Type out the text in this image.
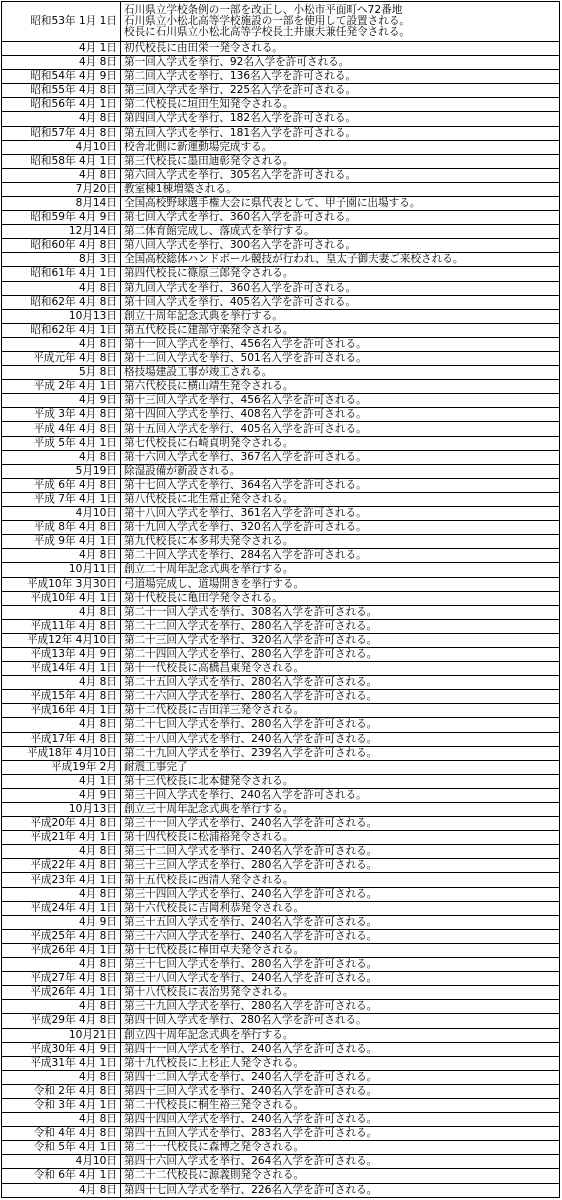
昭和53年 1月 1日	石川県立学校条例の一部を改正し、小松市平面町へ72番地
石川県立小松北高等学校施設の一部を使用して設置される。
校長に石川県立小松北高等学校長土井康夫兼任発令される。
4月 1日	初代校長に由田栄一発令される。
4月 8日	第一回入学式を挙行、92名入学を許可される。
昭和54年 4月 9日	第二回入学式を挙行、136名入学を許可される。
昭和55年 4月 8日	第三回入学式を挙行、225名入学を許可される。
昭和56年 4月 1日	第二代校長に垣田生知発令される。
4月 8日	第四回入学式を挙行、182名入学を許可される。
昭和57年 4月 8日	第五回入学式を挙行、181名入学を許可される。
4月10日	校舎北側に新運動場完成する。
昭和58年 4月 1日	第三代校長に墨田迪彰発令される。
4月 8日	第六回入学式を挙行、305名入学を許可される。
7月20日	教室棟1棟増築される。
8月14日	全国高校野球選手権大会に県代表として、甲子園に出場する。
昭和59年 4月 9日	第七回入学式を挙行、360名入学を許可される。
12月14日	第二体育館完成し、落成式を挙行する。
昭和60年 4月 8日	第八回入学式を挙行、300名入学を許可される。
8月 3日	全国高校総体ハンドボール競技が行われ、皇太子御夫妻ご来校される。
昭和61年 4月 1日	第四代校長に篠原三郎発令される。
4月 8日	第九回入学式を挙行、360名入学を許可される。
昭和62年 4月 8日	第十回入学式を挙行、405名入学を許可される。
10月13日	創立十周年記念式典を挙行する。
昭和62年 4月 1日	第五代校長に建部守楽発令される。
4月 8日	第十一回入学式を挙行、456名入学を許可される。
平成元年 4月 8日	第十二回入学式を挙行、501名入学を許可される。
5月 8日	格技場建設工事が竣工される。
平成 2年 4月 1日	第六代校長に横山靖生発令される。
4月 9日	第十三回入学式を挙行、456名入学を許可される。
平成 3年 4月 8日	第十四回入学式を挙行、408名入学を許可される。
平成 4年 4月 8日	第十五回入学式を挙行、405名入学を許可される。
平成 5年 4月 1日	第七代校長に石崎貞明発令される。
4月 8日	第十六回入学式を挙行、367名入学を許可される。
5月19日	除湿設備が新設される。
平成 6年 4月 8日	第十七回入学式を挙行、364名入学を許可される。
平成 7年 4月 1日	第八代校長に北生常正発令される。
4月10日	第十八回入学式を挙行、361名入学を許可される。
平成 8年 4月 8日	第十九回入学式を挙行、320名入学を許可される。
平成 9年 4月 1日	第九代校長に本多邦夫発令される。
4月 8日	第二十回入学式を挙行、284名入学を許可される。
10月11日	創立二十周年記念式典を挙行する。
平成10年 3月30日	弓道場完成し、道場開きを挙行する。
平成10年 4月 1日	第十代校長に亀田学発令される。
4月 8日	第二十一回入学式を挙行、308名入学を許可される。
平成11年 4月 8日	第二十二回入学式を挙行、280名入学を許可される。
平成12年 4月10日	第二十三回入学式を挙行、320名入学を許可される。
平成13年 4月 9日	第二十四回入学式を挙行、280名入学を許可される。
平成14年 4月 1日	第十一代校長に高橋昌東発令される。
4月 8日	第二十五回入学式を挙行、280名入学を許可される。
平成15年 4月 8日	第二十六回入学式を挙行、280名入学を許可される。
平成16年 4月 1日	第十二代校長に吉田洋三発令される。
4月 8日	第二十七回入学式を挙行、280名入学を許可される。
平成17年 4月 8日	第二十八回入学式を挙行、240名入学を許可される。
平成18年 4月10日	第二十九回入学式を挙行、239名入学を許可される。
平成19年 2月	耐震工事完了
4月 1日	第十三代校長に北本健発令される。
4月 9日	第三十回入学式を挙行、240名入学を許可される。
10月13日	創立三十周年記念式典を挙行する。
平成20年 4月 8日	第三十一回入学式を挙行、240名入学を許可される。
平成21年 4月 1日	第十四代校長に松浦裕発令される。
4月 8日	第三十二回入学式を挙行、240名入学を許可される。
平成22年 4月 8日	第三十三回入学式を挙行、280名入学を許可される。
平成23年 4月 1日	第十五代校長に西清人発令される。
4月 8日	第三十四回入学式を挙行、240名入学を許可される。
平成24年 4月 1日	第十六代校長に吉岡利恭発令される。
4月 9日	第三十五回入学式を挙行、240名入学を許可される。
平成25年 4月 8日	第三十六回入学式を挙行、240名入学を許可される。
平成26年 4月 1日	第十七代校長に棒田卓夫発令される。
4月 8日	第三十七回入学式を挙行、280名入学を許可される。
平成27年 4月 8日	第三十八回入学式を挙行、240名入学を許可される。
平成26年 4月 1日	第十八代校長に表治男発令される。
4月 8日	第三十九回入学式を挙行、280名入学を許可される。
平成29年 4月 8日	第四十回入学式を挙行、280名入学を許可される。
10月21日	創立四十周年記念式典を挙行する。
平成30年 4月 9日	第四十一回入学式を挙行、240名入学を許可される。
平成31年 4月 1日	第十九代校長に上杉正人発令される。
4月 8日	第四十二回入学式を挙行、240名入学を許可される。
令和 2年 4月 8日	第四十三回入学式を挙行、240名入学を許可される。
令和 3年 4月 1日	第二十代校長に桐生裕三発令される。
4月 8日	第四十四回入学式を挙行、240名入学を許可される。
令和 4年 4月 8日	第四十五回入学式を挙行、283名入学を許可される。
令和 5年 4月 1日	第二十一代校長に森博之発令される。
4月10日	第四十六回入学式を挙行、264名入学を許可される。
令和 6年 4月 1日	第二十二代校長に源義則発令される。
4月 8日	第四十七回入学式を挙行、226名入学を許可される。
